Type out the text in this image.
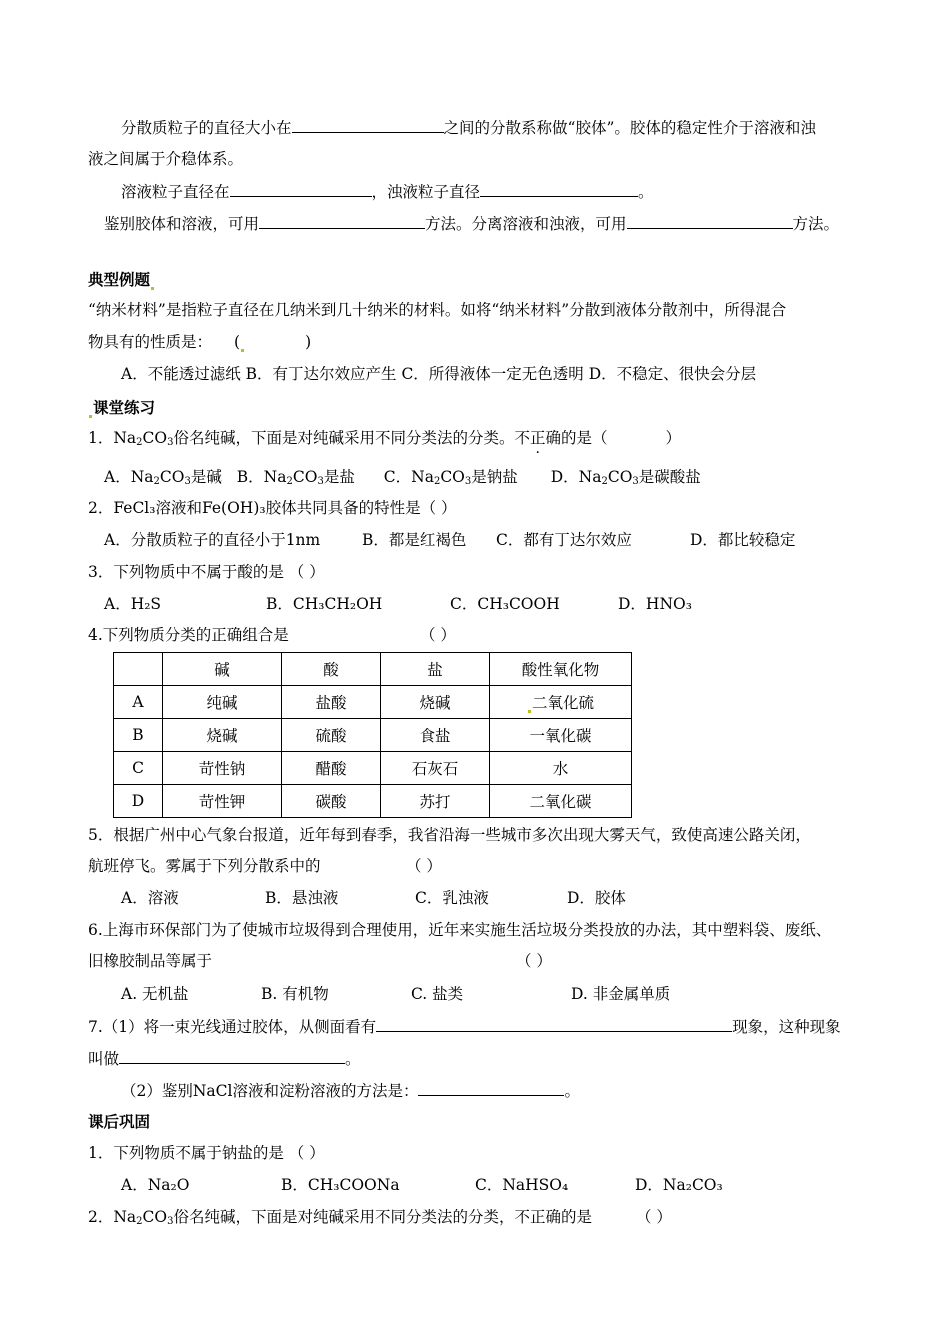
分散质粒子的直径大小在	之间的分散系称做“胶体”。胶体的稳定性介于溶液和浊
液之间属于介稳体系。
溶液粒子直径在	，浊液粒子直径	。
鉴别胶体和溶液，可用	方法。分离溶液和浊液，可用	方法。
典型例题
“纳米材料”是指粒子直径在几纳米到几十纳米的材料。如将“纳米材料”分散到液体分散剂中，所得混合
物具有的性质是： (	)
A．不能透过滤纸 B．有丁达尔效应产生 C．所得液体一定无色透明 D．不稳定、很快会分层
课堂练习
1．$Na_2CO_3$俗名纯碱，下面是对纯碱采用不同分类法的分类。不正确的是（	）
A．$Na_2CO_3$是碱 B．$Na_2CO_3$是盐 C．$Na_2CO_3$是钠盐 D．$Na_2CO_3$是碳酸盐
2．FeCl₃溶液和Fe(OH)₃胶体共同具备的特性是（ ）
A．分散质粒子的直径小于1nm	B．都是红褐色 C．都有丁达尔效应	D．都比较稳定
3．下列物质中不属于酸的是 （ ）
A．H₂S	B．CH₃CH₂OH	C．CH₃COOH	D．HNO₃
4.下列物质分类的正确组合是	（ ）
	碱	酸	盐	酸性氧化物
A	纯碱	盐酸	烧碱	二氧化硫
B	烧碱	硫酸	食盐	一氧化碳
C	苛性钠	醋酸	石灰石	水
D	苛性钾	碳酸	苏打	二氧化碳
5．根据广州中心气象台报道，近年每到春季，我省沿海一些城市多次出现大雾天气，致使高速公路关闭，
航班停飞。雾属于下列分散系中的	（ ）
A．溶液	B．悬浊液	C．乳浊液	D．胶体
6.上海市环保部门为了使城市垃圾得到合理使用，近年来实施生活垃圾分类投放的办法，其中塑料袋、废纸、
旧橡胶制品等属于	（ ）
A. 无机盐	B. 有机物	C. 盐类	D. 非金属单质
7.（1）将一束光线通过胶体，从侧面看有	现象，这种现象
叫做	。
（2）鉴别NaCl溶液和淀粉溶液的方法是：	。
课后巩固
1．下列物质不属于钠盐的是 （ ）
A．Na₂O	B．CH₃COONa	C．NaHSO₄	D．Na₂CO₃
2．$Na_2CO_3$俗名纯碱，下面是对纯碱采用不同分类法的分类，不正确的是	（ ）
